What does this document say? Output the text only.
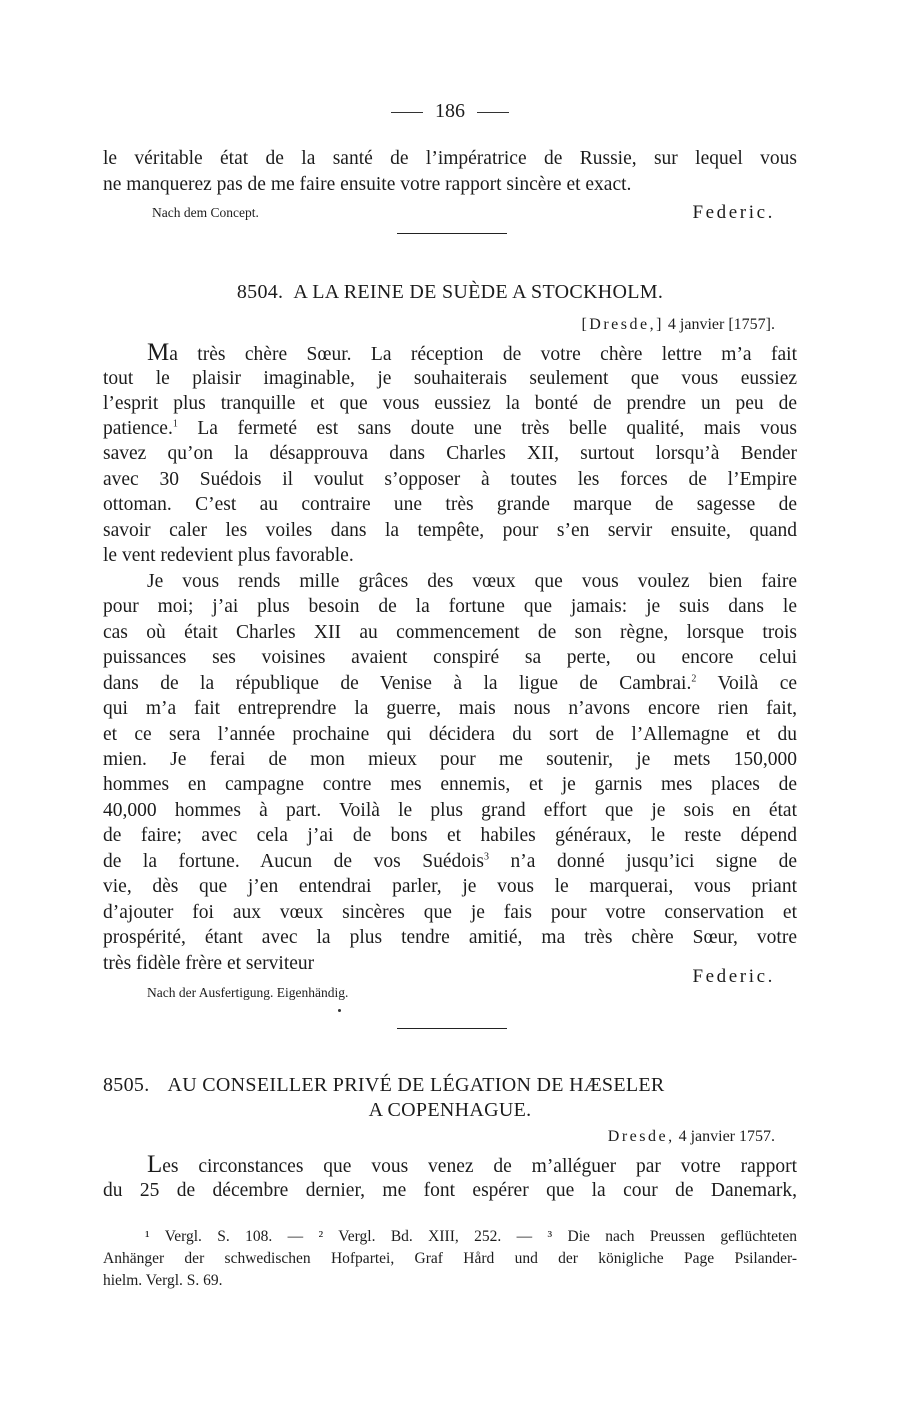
186
le véritable état de la santé de l’impératrice de Russie, sur lequel vous
ne manquerez pas de me faire ensuite votre rapport sincère et exact.
Nach dem Concept.	Federic.
8504. A LA REINE DE SUÈDE A STOCKHOLM.
[Dresde,] 4 janvier [1757].
Ma très chère Sœur. La réception de votre chère lettre m’a fait
tout le plaisir imaginable, je souhaiterais seulement que vous eussiez
l’esprit plus tranquille et que vous eussiez la bonté de prendre un peu de
patience.$^1$ La fermeté est sans doute une très belle qualité, mais vous
savez qu’on la désapprouva dans Charles XII, surtout lorsqu’à Bender
avec 30 Suédois il voulut s’opposer à toutes les forces de l’Empire
ottoman. C’est au contraire une très grande marque de sagesse de
savoir caler les voiles dans la tempête, pour s’en servir ensuite, quand
le vent redevient plus favorable.
Je vous rends mille grâces des vœux que vous voulez bien faire
pour moi; j’ai plus besoin de la fortune que jamais: je suis dans le
cas où était Charles XII au commencement de son règne, lorsque trois
puissances ses voisines avaient conspiré sa perte, ou encore celui
dans de la république de Venise à la ligue de Cambrai.$^2$ Voilà ce
qui m’a fait entreprendre la guerre, mais nous n’avons encore rien fait,
et ce sera l’année prochaine qui décidera du sort de l’Allemagne et du
mien. Je ferai de mon mieux pour me soutenir, je mets 150,000
hommes en campagne contre mes ennemis, et je garnis mes places de
40,000 hommes à part. Voilà le plus grand effort que je sois en état
de faire; avec cela j’ai de bons et habiles généraux, le reste dépend
de la fortune. Aucun de vos Suédois$^3$ n’a donné jusqu’ici signe de
vie, dès que j’en entendrai parler, je vous le marquerai, vous priant
d’ajouter foi aux vœux sincères que je fais pour votre conservation et
prospérité, étant avec la plus tendre amitié, ma très chère Sœur, votre
très fidèle frère et serviteur
Federic.
Nach der Ausfertigung. Eigenhändig.
8505. AU CONSEILLER PRIVÉ DE LÉGATION DE HÆSELER
A COPENHAGUE.
Dresde, 4 janvier 1757.
Les circonstances que vous venez de m’alléguer par votre rapport
du 25 de décembre dernier, me font espérer que la cour de Danemark,
¹ Vergl. S. 108. — ² Vergl. Bd. XIII, 252. — ³ Die nach Preussen geflüchteten
Anhänger der schwedischen Hofpartei, Graf Hård und der königliche Page Psilander-
hielm. Vergl. S. 69.
